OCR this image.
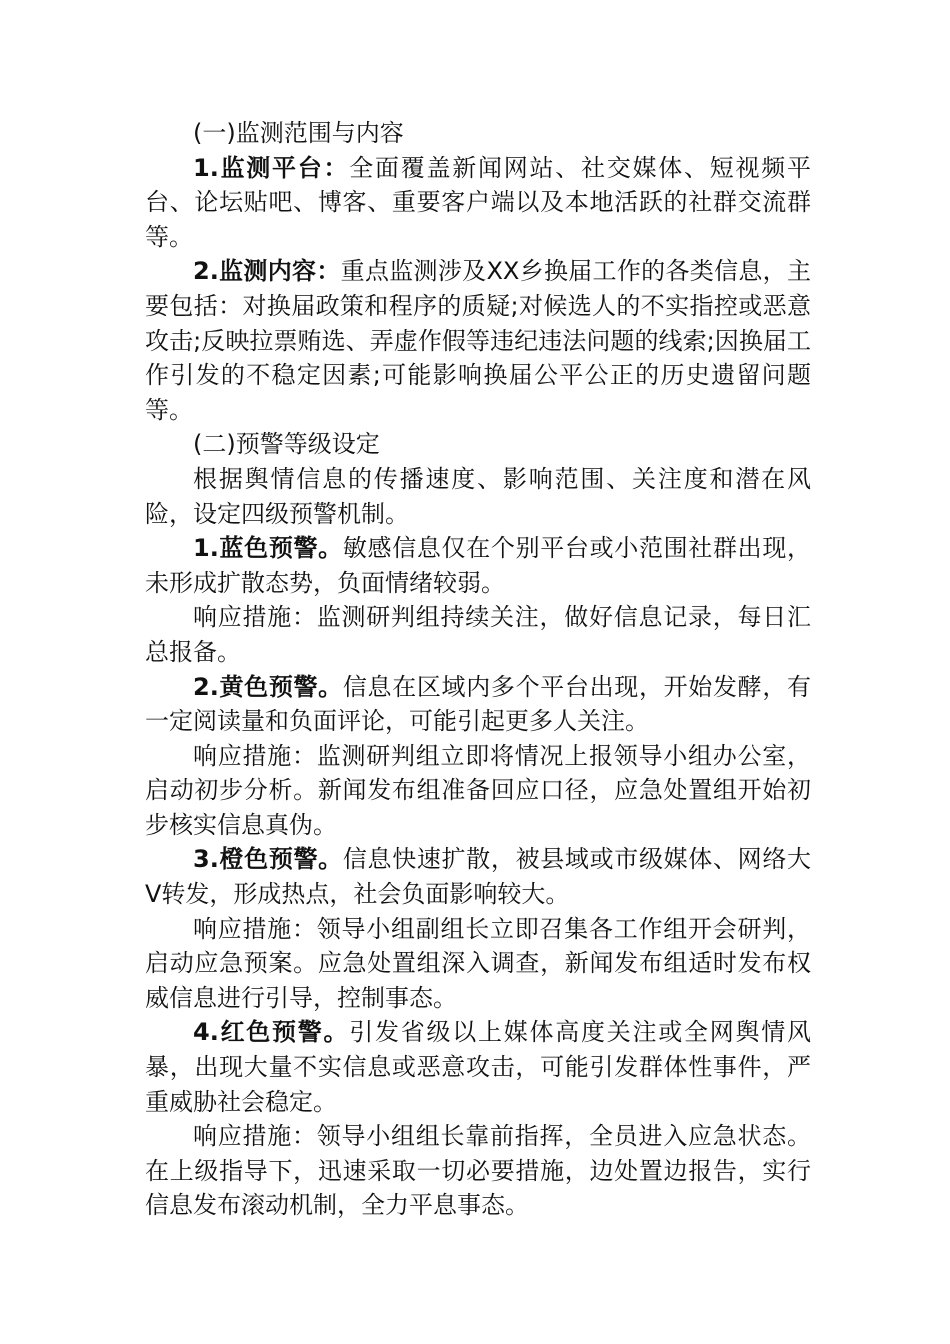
(一)监测范围与内容

1.监测平台：全面覆盖新闻网站、社交媒体、短视频平台、论坛贴吧、博客、重要客户端以及本地活跃的社群交流群等。

2.监测内容：重点监测涉及XX乡换届工作的各类信息，主要包括：对换届政策和程序的质疑;对候选人的不实指控或恶意攻击;反映拉票贿选、弄虚作假等违纪违法问题的线索;因换届工作引发的不稳定因素;可能影响换届公平公正的历史遗留问题等。

(二)预警等级设定

根据舆情信息的传播速度、影响范围、关注度和潜在风险，设定四级预警机制。

1.蓝色预警。敏感信息仅在个别平台或小范围社群出现，未形成扩散态势，负面情绪较弱。

响应措施：监测研判组持续关注，做好信息记录，每日汇总报备。

2.黄色预警。信息在区域内多个平台出现，开始发酵，有一定阅读量和负面评论，可能引起更多人关注。

响应措施：监测研判组立即将情况上报领导小组办公室，启动初步分析。新闻发布组准备回应口径，应急处置组开始初步核实信息真伪。

3.橙色预警。信息快速扩散，被县域或市级媒体、网络大V转发，形成热点，社会负面影响较大。

响应措施：领导小组副组长立即召集各工作组开会研判，启动应急预案。应急处置组深入调查，新闻发布组适时发布权威信息进行引导，控制事态。

4.红色预警。引发省级以上媒体高度关注或全网舆情风暴，出现大量不实信息或恶意攻击，可能引发群体性事件，严重威胁社会稳定。

响应措施：领导小组组长靠前指挥，全员进入应急状态。在上级指导下，迅速采取一切必要措施，边处置边报告，实行信息发布滚动机制，全力平息事态。
